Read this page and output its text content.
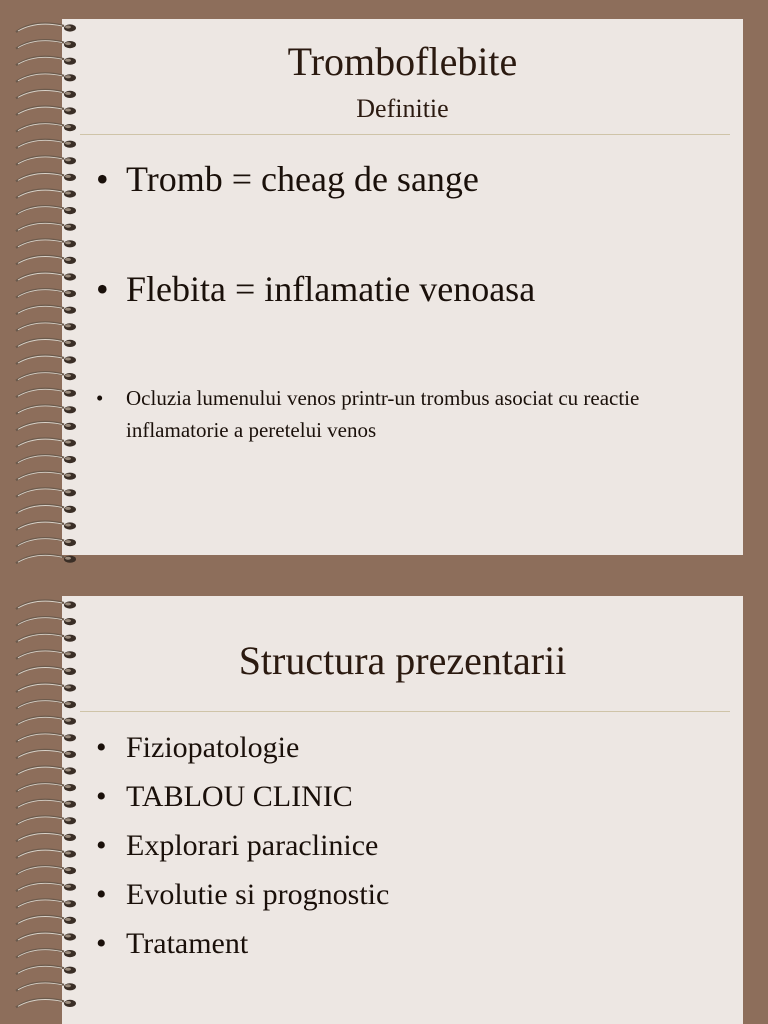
Tromboflebite
Definitie
• Tromb = cheag de sange
• Flebita = inflamatie venoasa
• Ocluzia lumenului venos printr-un trombus asociat cu reactie inflamatorie a peretelui venos
Structura prezentarii
• Fiziopatologie
• TABLOU CLINIC
• Explorari paraclinice
• Evolutie si prognostic
• Tratament
